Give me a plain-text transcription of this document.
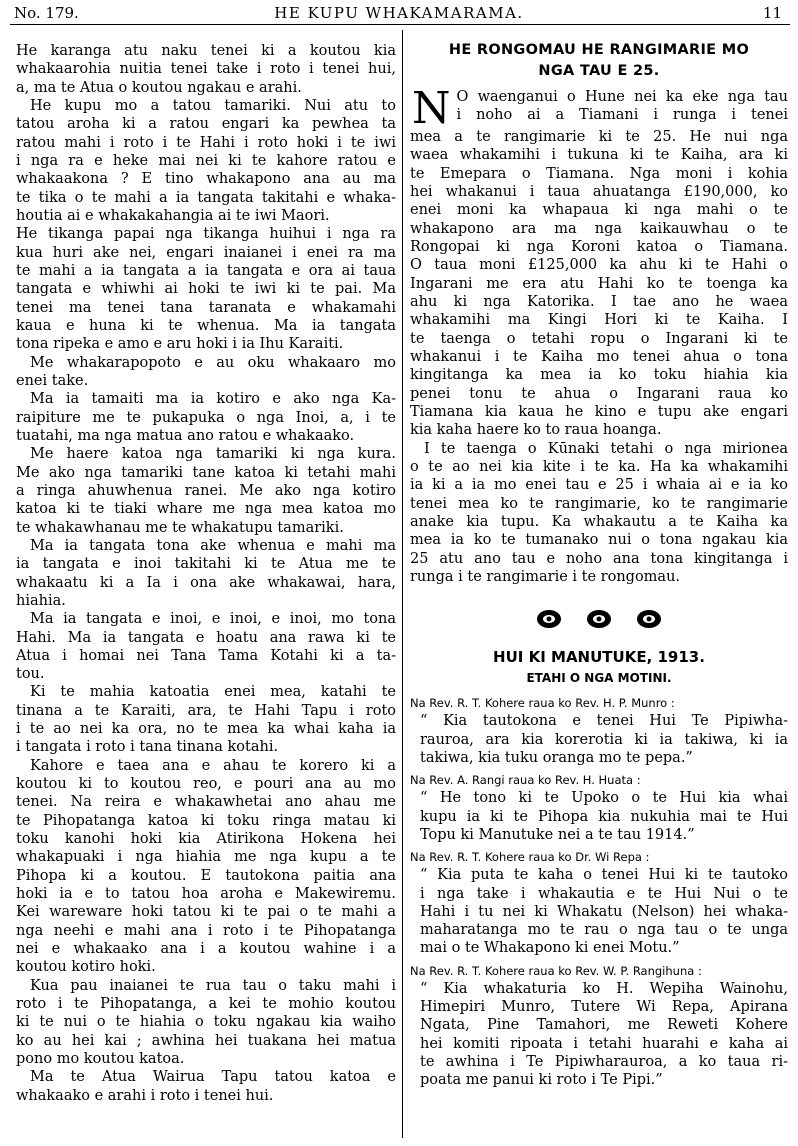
No. 179.	HE KUPU WHAKAMARAMA.	11
He karanga atu naku tenei ki a koutou kia
whakaarohia nuitia tenei take i roto i tenei hui,
a, ma te Atua o koutou ngakau e arahi.
He kupu mo a tatou tamariki. Nui atu to
tatou aroha ki a ratou engari ka pewhea ta
ratou mahi i roto i te Hahi i roto hoki i te iwi
i nga ra e heke mai nei ki te kahore ratou e
whakaakona ? E tino whakapono ana au ma
te tika o te mahi a ia tangata takitahi e whaka-
houtia ai e whakakahangia ai te iwi Maori.
He tikanga papai nga tikanga huihui i nga ra
kua huri ake nei, engari inaianei i enei ra ma
te mahi a ia tangata a ia tangata e ora ai taua
tangata e whiwhi ai hoki te iwi ki te pai. Ma
tenei ma tenei tana taranata e whakamahi
kaua e huna ki te whenua. Ma ia tangata
tona ripeka e amo e aru hoki i ia Ihu Karaiti.
Me whakarapopoto e au oku whakaaro mo
enei take.
Ma ia tamaiti ma ia kotiro e ako nga Ka-
raipiture me te pukapuka o nga Inoi, a, i te
tuatahi, ma nga matua ano ratou e whakaako.
Me haere katoa nga tamariki ki nga kura.
Me ako nga tamariki tane katoa ki tetahi mahi
a ringa ahuwhenua ranei. Me ako nga kotiro
katoa ki te tiaki whare me nga mea katoa mo
te whakawhanau me te whakatupu tamariki.
Ma ia tangata tona ake whenua e mahi ma
ia tangata e inoi takitahi ki te Atua me te
whakaatu ki a Ia i ona ake whakawai, hara,
hiahia.
Ma ia tangata e inoi, e inoi, e inoi, mo tona
Hahi. Ma ia tangata e hoatu ana rawa ki te
Atua i homai nei Tana Tama Kotahi ki a ta-
tou.
Ki te mahia katoatia enei mea, katahi te
tinana a te Karaiti, ara, te Hahi Tapu i roto
i te ao nei ka ora, no te mea ka whai kaha ia
i tangata i roto i tana tinana kotahi.
Kahore e taea ana e ahau te korero ki a
koutou ki to koutou reo, e pouri ana au mo
tenei. Na reira e whakawhetai ano ahau me
te Pihopatanga katoa ki toku ringa matau ki
toku kanohi hoki kia Atirikona Hokena hei
whakapuaki i nga hiahia me nga kupu a te
Pihopa ki a koutou. E tautokona paitia ana
hoki ia e to tatou hoa aroha e Makewiremu.
Kei wareware hoki tatou ki te pai o te mahi a
nga neehi e mahi ana i roto i te Pihopatanga
nei e whakaako ana i a koutou wahine i a
koutou kotiro hoki.
Kua pau inaianei te rua tau o taku mahi i
roto i te Pihopatanga, a kei te mohio koutou
ki te nui o te hiahia o toku ngakau kia waiho
ko au hei kai ; awhina hei tuakana hei matua
pono mo koutou katoa.
Ma te Atua Wairua Tapu tatou katoa e
whakaako e arahi i roto i tenei hui.
HE RONGOMAU HE RANGIMARIE MO
NGA TAU E 25.
N O waenganui o Hune nei ka eke nga tau
i noho ai a Tiamani i runga i tenei
mea a te rangimarie ki te 25. He nui nga
waea whakamihi i tukuna ki te Kaiha, ara ki
te Emepara o Tiamana. Nga moni i kohia
hei whakanui i taua ahuatanga £190,000, ko
enei moni ka whapaua ki nga mahi o te
whakapono ara ma nga kaikauwhau o te
Rongopai ki nga Koroni katoa o Tiamana.
O taua moni £125,000 ka ahu ki te Hahi o
Ingarani me era atu Hahi ko te toenga ka
ahu ki nga Katorika. I tae ano he waea
whakamihi ma Kingi Hori ki te Kaiha. I
te taenga o tetahi ropu o Ingarani ki te
whakanui i te Kaiha mo tenei ahua o tona
kingitanga ka mea ia ko toku hiahia kia
penei tonu te ahua o Ingarani raua ko
Tiamana kia kaua he kino e tupu ake engari
kia kaha haere ko to raua hoanga.
I te taenga o Kūnaki tetahi o nga mirionea
o te ao nei kia kite i te ka. Ha ka whakamihi
ia ki a ia mo enei tau e 25 i whaia ai e ia ko
tenei mea ko te rangimarie, ko te rangimarie
anake kia tupu. Ka whakautu a te Kaiha ka
mea ia ko te tumanako nui o tona ngakau kia
25 atu ano tau e noho ana tona kingitanga i
runga i te rangimarie i te rongomau.
HUI KI MANUTUKE, 1913.
ETAHI O NGA MOTINI.
Na Rev. R. T. Kohere raua ko Rev. H. P. Munro :
“ Kia tautokona e tenei Hui Te Pipiwha-
rauroa, ara kia korerotia ki ia takiwa, ki ia
takiwa, kia tuku oranga mo te pepa.”
Na Rev. A. Rangi raua ko Rev. H. Huata :
“ He tono ki te Upoko o te Hui kia whai
kupu ia ki te Pihopa kia nukuhia mai te Hui
Topu ki Manutuke nei a te tau 1914.”
Na Rev. R. T. Kohere raua ko Dr. Wi Repa :
“ Kia puta te kaha o tenei Hui ki te tautoko
i nga take i whakautia e te Hui Nui o te
Hahi i tu nei ki Whakatu (Nelson) hei whaka-
maharatanga mo te rau o nga tau o te unga
mai o te Whakapono ki enei Motu.”
Na Rev. R. T. Kohere raua ko Rev. W. P. Rangihuna :
“ Kia whakaturia ko H. Wepiha Wainohu,
Himepiri Munro, Tutere Wi Repa, Apirana
Ngata, Pine Tamahori, me Reweti Kohere
hei komiti ripoata i tetahi huarahi e kaha ai
te awhina i Te Pipiwharauroa, a ko taua ri-
poata me panui ki roto i Te Pipi.”
